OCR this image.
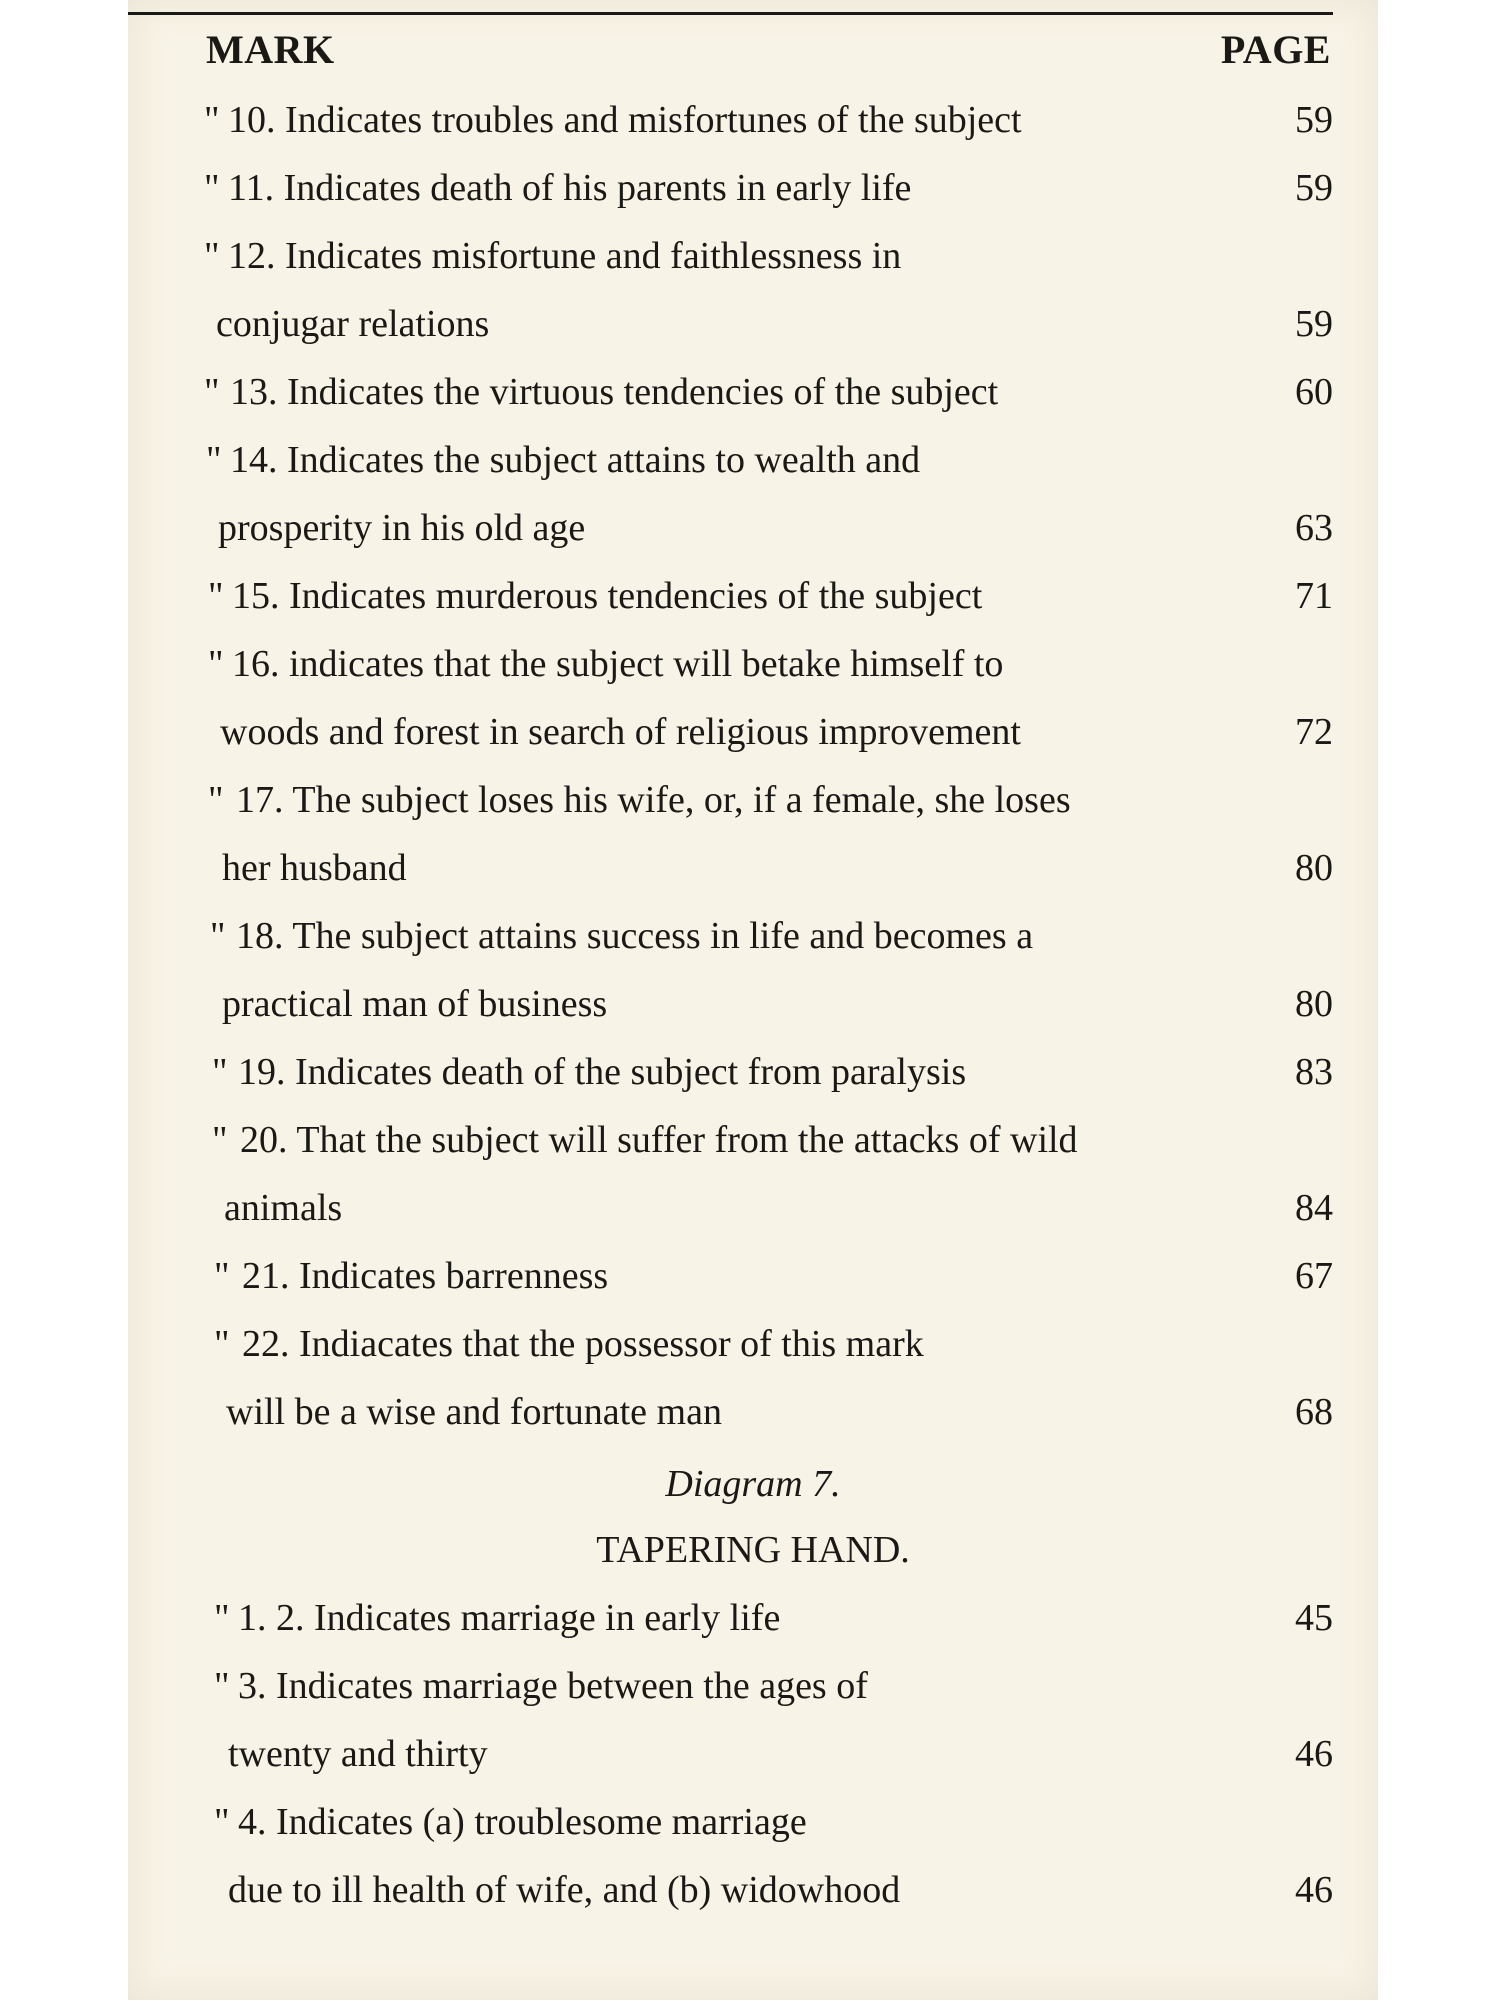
MARK	PAGE
" 10. Indicates troubles and misfortunes of the subject	59
" 11. Indicates death of his parents in early life	59
" 12. Indicates misfortune and faithlessness in
conjugar relations	59
" 13. Indicates the virtuous tendencies of the subject	60
" 14. Indicates the subject attains to wealth and
prosperity in his old age	63
" 15. Indicates murderous tendencies of the subject	71
" 16. indicates that the subject will betake himself to
woods and forest in search of religious improvement	72
" 17. The subject loses his wife, or, if a female, she loses
her husband	80
" 18. The subject attains success in life and becomes a
practical man of business	80
" 19. Indicates death of the subject from paralysis	83
" 20. That the subject will suffer from the attacks of wild
animals	84
" 21. Indicates barrenness	67
" 22. Indiacates that the possessor of this mark
will be a wise and fortunate man	68
Diagram 7.
TAPERING HAND.
" 1. 2. Indicates marriage in early life	45
" 3. Indicates marriage between the ages of
twenty and thirty	46
" 4. Indicates (a) troublesome marriage
due to ill health of wife, and (b) widowhood	46
